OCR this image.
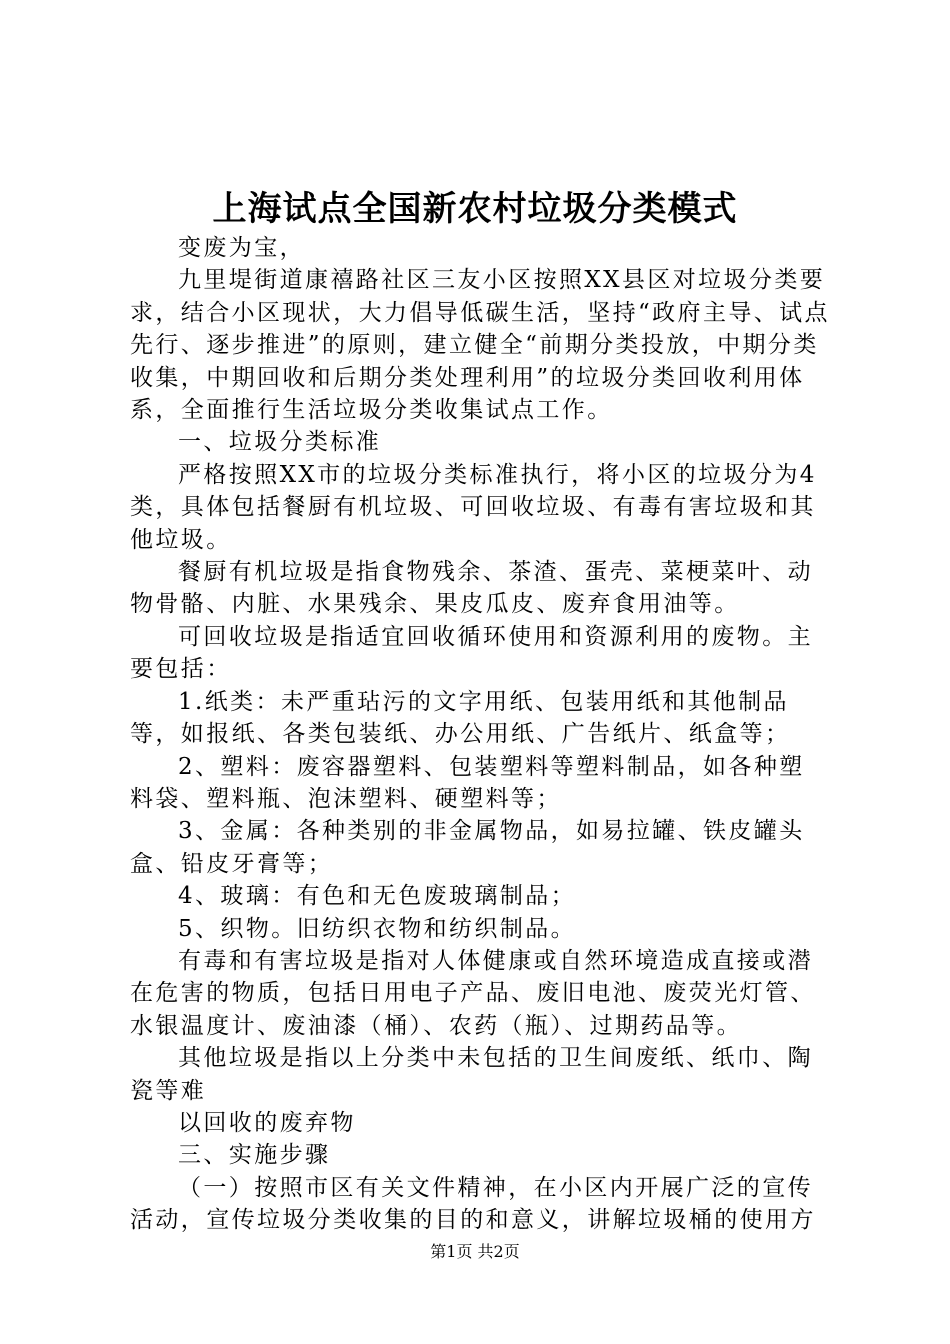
上海试点全国新农村垃圾分类模式

变废为宝，

九里堤街道康禧路社区三友小区按照XX县区对垃圾分类要求，结合小区现状，大力倡导低碳生活，坚持“政府主导、试点先行、逐步推进”的原则，建立健全“前期分类投放，中期分类收集，中期回收和后期分类处理利用”的垃圾分类回收利用体系，全面推行生活垃圾分类收集试点工作。

一、垃圾分类标准

严格按照XX市的垃圾分类标准执行，将小区的垃圾分为4类，具体包括餐厨有机垃圾、可回收垃圾、有毒有害垃圾和其他垃圾。

餐厨有机垃圾是指食物残余、茶渣、蛋壳、菜梗菜叶、动物骨骼、内脏、水果残余、果皮瓜皮、废弃食用油等。

可回收垃圾是指适宜回收循环使用和资源利用的废物。主要包括：

1.纸类：未严重玷污的文字用纸、包装用纸和其他制品等，如报纸、各类包装纸、办公用纸、广告纸片、纸盒等；

2、塑料：废容器塑料、包装塑料等塑料制品，如各种塑料袋、塑料瓶、泡沫塑料、硬塑料等；

3、金属：各种类别的非金属物品，如易拉罐、铁皮罐头盒、铅皮牙膏等；

4、玻璃：有色和无色废玻璃制品；

5、织物。旧纺织衣物和纺织制品。

有毒和有害垃圾是指对人体健康或自然环境造成直接或潜在危害的物质，包括日用电子产品、废旧电池、废荧光灯管、水银温度计、废油漆（桶）、农药（瓶）、过期药品等。

其他垃圾是指以上分类中未包括的卫生间废纸、纸巾、陶瓷等难

以回收的废弃物

三、实施步骤

（一）按照市区有关文件精神，在小区内开展广泛的宣传活动，宣传垃圾分类收集的目的和意义，讲解垃圾桶的使用方

第1页 共2页
